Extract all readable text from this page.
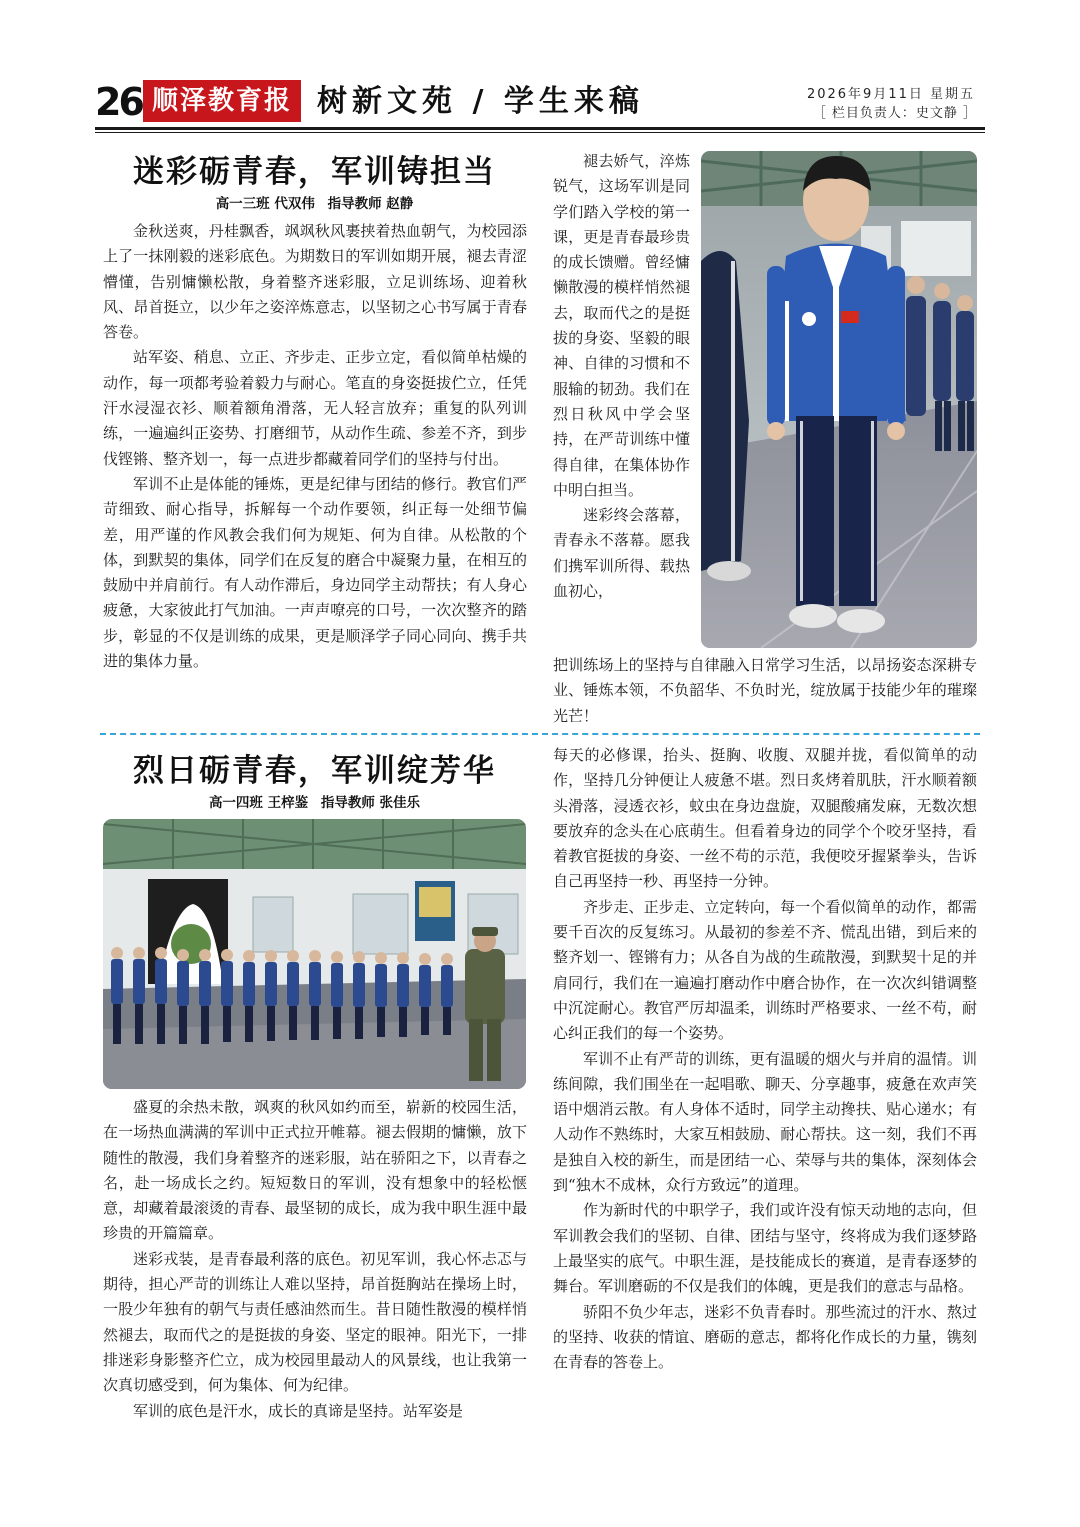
26 顺泽教育报 树新文苑 / 学生来稿	2026年9月11日 星期五
［ 栏目负责人：史文静 ］
迷彩砺青春，军训铸担当
高一三班 代双伟 指导教师 赵静

金秋送爽，丹桂飘香，飒飒秋风裹挟着热血朝气，为校园添上了一抹刚毅的迷彩底色。为期数日的军训如期开展，褪去青涩懵懂，告别慵懒松散，身着整齐迷彩服，立足训练场、迎着秋风、昂首挺立，以少年之姿淬炼意志，以坚韧之心书写属于青春答卷。

站军姿、稍息、立正、齐步走、正步立定，看似简单枯燥的动作，每一项都考验着毅力与耐心。笔直的身姿挺拔伫立，任凭汗水浸湿衣衫、顺着额角滑落，无人轻言放弃；重复的队列训练，一遍遍纠正姿势、打磨细节，从动作生疏、参差不齐，到步伐铿锵、整齐划一，每一点进步都藏着同学们的坚持与付出。

军训不止是体能的锤炼，更是纪律与团结的修行。教官们严苛细致、耐心指导，拆解每一个动作要领，纠正每一处细节偏差，用严谨的作风教会我们何为规矩、何为自律。从松散的个体，到默契的集体，同学们在反复的磨合中凝聚力量，在相互的鼓励中并肩前行。有人动作滞后，身边同学主动帮扶；有人身心疲惫，大家彼此打气加油。一声声嘹亮的口号，一次次整齐的踏步，彰显的不仅是训练的成果，更是顺泽学子同心同向、携手共进的集体力量。

褪去娇气，淬炼锐气，这场军训是同学们踏入学校的第一课，更是青春最珍贵的成长馈赠。曾经慵懒散漫的模样悄然褪去，取而代之的是挺拔的身姿、坚毅的眼神、自律的习惯和不服输的韧劲。我们在烈日秋风中学会坚持，在严苛训练中懂得自律，在集体协作中明白担当。

迷彩终会落幕，青春永不落幕。愿我们携军训所得、载热血初心，

把训练场上的坚持与自律融入日常学习生活，以昂扬姿态深耕专业、锤炼本领，不负韶华、不负时光，绽放属于技能少年的璀璨光芒！

烈日砺青春，军训绽芳华
高一四班 王梓鉴 指导教师 张佳乐

盛夏的余热未散，飒爽的秋风如约而至，崭新的校园生活，在一场热血满满的军训中正式拉开帷幕。褪去假期的慵懒，放下随性的散漫，我们身着整齐的迷彩服，站在骄阳之下，以青春之名，赴一场成长之约。短短数日的军训，没有想象中的轻松惬意，却藏着最滚烫的青春、最坚韧的成长，成为我中职生涯中最珍贵的开篇篇章。

迷彩戎装，是青春最利落的底色。初见军训，我心怀忐忑与期待，担心严苛的训练让人难以坚持，昂首挺胸站在操场上时，一股少年独有的朝气与责任感油然而生。昔日随性散漫的模样悄然褪去，取而代之的是挺拔的身姿、坚定的眼神。阳光下，一排排迷彩身影整齐伫立，成为校园里最动人的风景线，也让我第一次真切感受到，何为集体、何为纪律。

军训的底色是汗水，成长的真谛是坚持。站军姿是

每天的必修课，抬头、挺胸、收腹、双腿并拢，看似简单的动作，坚持几分钟便让人疲惫不堪。烈日炙烤着肌肤，汗水顺着额头滑落，浸透衣衫，蚊虫在身边盘旋，双腿酸痛发麻，无数次想要放弃的念头在心底萌生。但看着身边的同学个个咬牙坚持，看着教官挺拔的身姿、一丝不苟的示范，我便咬牙握紧拳头，告诉自己再坚持一秒、再坚持一分钟。

齐步走、正步走、立定转向，每一个看似简单的动作，都需要千百次的反复练习。从最初的参差不齐、慌乱出错，到后来的整齐划一、铿锵有力；从各自为战的生疏散漫，到默契十足的并肩同行，我们在一遍遍打磨动作中磨合协作，在一次次纠错调整中沉淀耐心。教官严厉却温柔，训练时严格要求、一丝不苟，耐心纠正我们的每一个姿势。

军训不止有严苛的训练，更有温暖的烟火与并肩的温情。训练间隙，我们围坐在一起唱歌、聊天、分享趣事，疲惫在欢声笑语中烟消云散。有人身体不适时，同学主动搀扶、贴心递水；有人动作不熟练时，大家互相鼓励、耐心帮扶。这一刻，我们不再是独自入校的新生，而是团结一心、荣辱与共的集体，深刻体会到“独木不成林，众行方致远”的道理。

作为新时代的中职学子，我们或许没有惊天动地的志向，但军训教会我们的坚韧、自律、团结与坚守，终将成为我们逐梦路上最坚实的底气。中职生涯，是技能成长的赛道，是青春逐梦的舞台。军训磨砺的不仅是我们的体魄，更是我们的意志与品格。

骄阳不负少年志，迷彩不负青春时。那些流过的汗水、熬过的坚持、收获的情谊、磨砺的意志，都将化作成长的力量，镌刻在青春的答卷上。
